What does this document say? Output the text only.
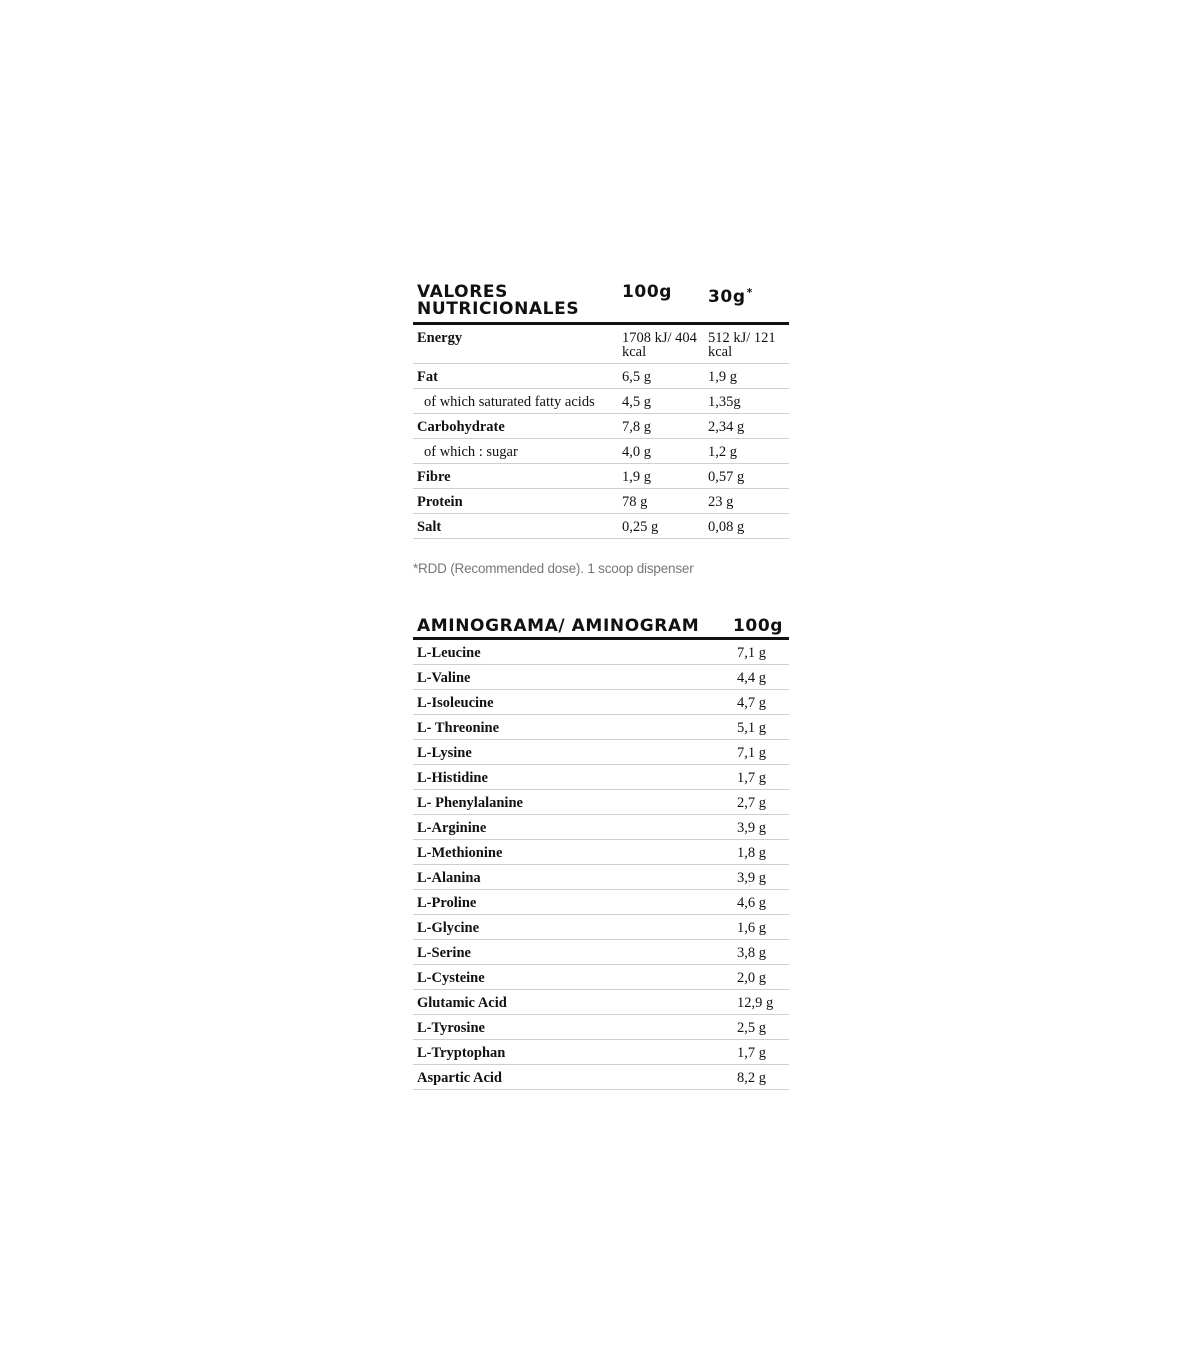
VALORES NUTRICIONALES	100g	30g*
Energy	1708 kJ/ 404 kcal	512 kJ/ 121 kcal
Fat	6,5 g	1,9 g
of which saturated fatty acids	4,5 g	1,35g
Carbohydrate	7,8 g	2,34 g
of which : sugar	4,0 g	1,2 g
Fibre	1,9 g	0,57 g
Protein	78 g	23 g
Salt	0,25 g	0,08 g
*RDD (Recommended dose). 1 scoop dispenser
AMINOGRAMA/ AMINOGRAM	100g
L-Leucine	7,1 g
L-Valine	4,4 g
L-Isoleucine	4,7 g
L- Threonine	5,1 g
L-Lysine	7,1 g
L-Histidine	1,7 g
L- Phenylalanine	2,7 g
L-Arginine	3,9 g
L-Methionine	1,8 g
L-Alanina	3,9 g
L-Proline	4,6 g
L-Glycine	1,6 g
L-Serine	3,8 g
L-Cysteine	2,0 g
Glutamic Acid	12,9 g
L-Tyrosine	2,5 g
L-Tryptophan	1,7 g
Aspartic Acid	8,2 g
